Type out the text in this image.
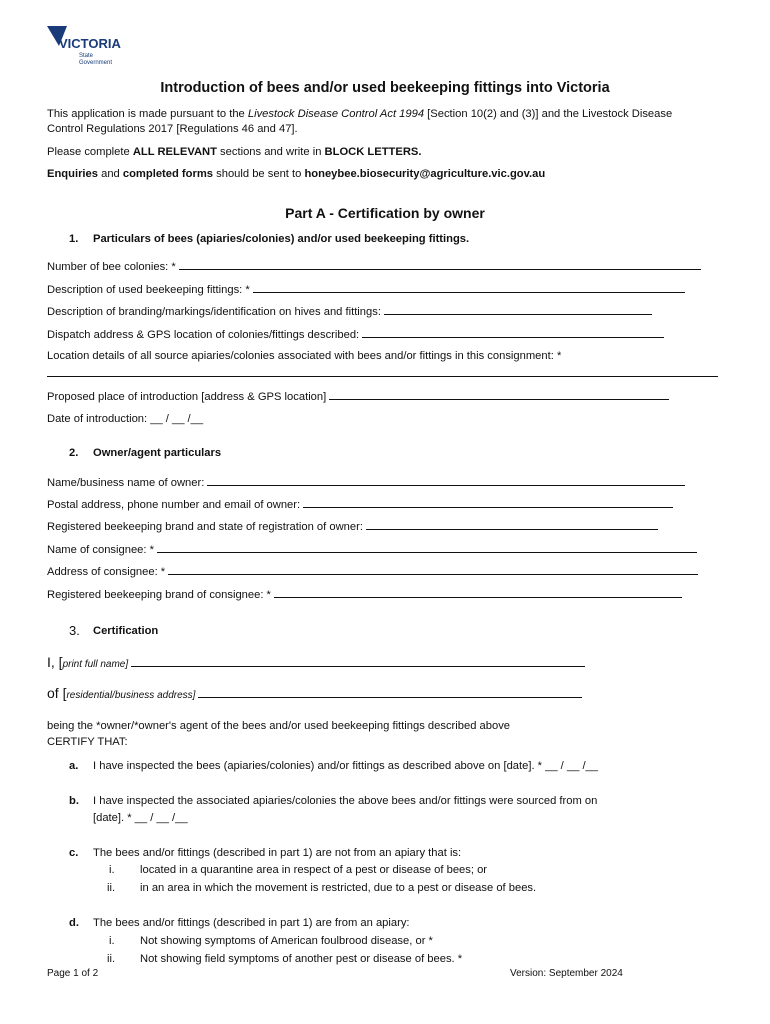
VICTORIA
State
Government
Introduction of bees and/or used beekeeping fittings into Victoria
This application is made pursuant to the Livestock Disease Control Act 1994 [Section 10(2) and (3)] and the Livestock Disease
Control Regulations 2017 [Regulations 46 and 47].
Please complete ALL RELEVANT sections and write in BLOCK LETTERS.
Enquiries and completed forms should be sent to honeybee.biosecurity@agriculture.vic.gov.au
Part A - Certification by owner
1. Particulars of bees (apiaries/colonies) and/or used beekeeping fittings.
Number of bee colonies: *
Description of used beekeeping fittings: *
Description of branding/markings/identification on hives and fittings:
Dispatch address & GPS location of colonies/fittings described:
Location details of all source apiaries/colonies associated with bees and/or fittings in this consignment: *
Proposed place of introduction [address & GPS location]
Date of introduction: __ / __ /__
2. Owner/agent particulars
Name/business name of owner:
Postal address, phone number and email of owner:
Registered beekeeping brand and state of registration of owner:
Name of consignee: *
Address of consignee: *
Registered beekeeping brand of consignee: *
3. Certification
I, [ print full name]
of [ residential/business address]
being the *owner/*owner's agent of the bees and/or used beekeeping fittings described above
CERTIFY THAT:
a. I have inspected the bees (apiaries/colonies) and/or fittings as described above on [date]. * __ / __ /__
b. I have inspected the associated apiaries/colonies the above bees and/or fittings were sourced from on
[date]. * __ / __ /__
c. The bees and/or fittings (described in part 1) are not from an apiary that is:
i. located in a quarantine area in respect of a pest or disease of bees; or
ii. in an area in which the movement is restricted, due to a pest or disease of bees.
d. The bees and/or fittings (described in part 1) are from an apiary:
i. Not showing symptoms of American foulbrood disease, or *
ii. Not showing field symptoms of another pest or disease of bees. *
Page 1 of 2	Version: September 2024
